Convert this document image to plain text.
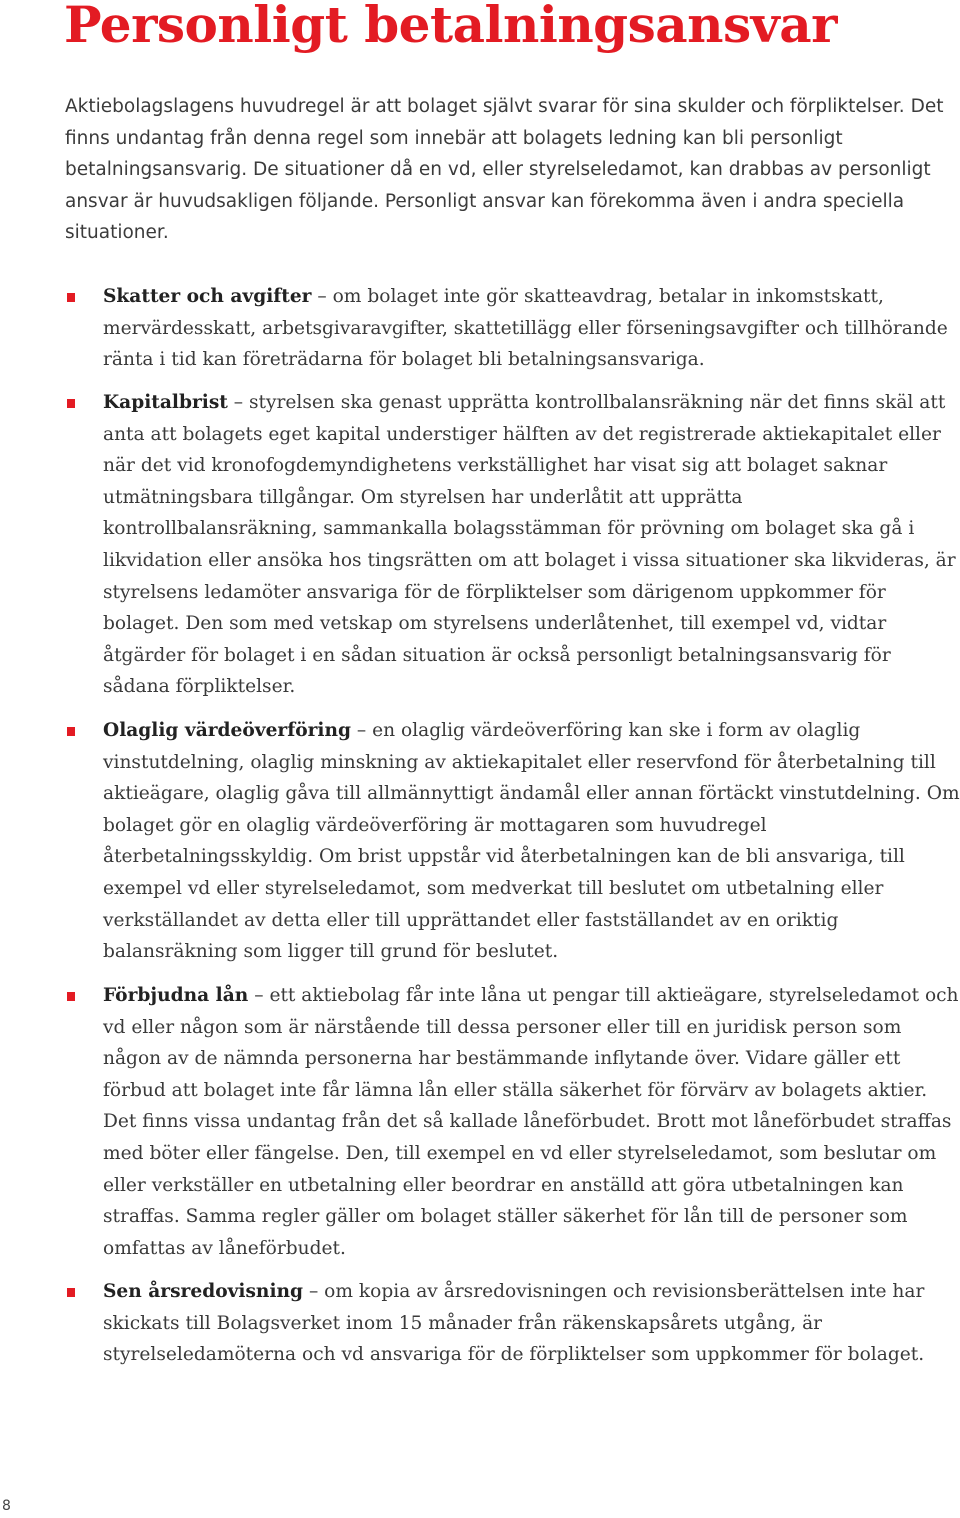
Personligt betalningsansvar

Aktiebolagslagens huvudregel är att bolaget självt svarar för sina skulder och förpliktelser. Det finns undantag från denna regel som innebär att bolagets ledning kan bli personligt betalningsansvarig. De situationer då en vd, eller styrelseledamot, kan drabbas av personligt ansvar är huvudsakligen följande. Personligt ansvar kan förekomma även i andra speciella situationer.

Skatter och avgifter – om bolaget inte gör skatteavdrag, betalar in inkomstskatt, mervärdesskatt, arbetsgivaravgifter, skattetillägg eller förseningsavgifter och tillhörande ränta i tid kan företrädarna för bolaget bli betalningsansvariga.

Kapitalbrist – styrelsen ska genast upprätta kontrollbalansräkning när det finns skäl att anta att bolagets eget kapital understiger hälften av det registrerade aktiekapitalet eller när det vid kronofogdemyndighetens verkställighet har visat sig att bolaget saknar utmätningsbara tillgångar. Om styrelsen har underlåtit att upprätta kontrollbalansräkning, sammankalla bolagsstämman för prövning om bolaget ska gå i likvidation eller ansöka hos tingsrätten om att bolaget i vissa situationer ska likvideras, är styrelsens ledamöter ansvariga för de förpliktelser som därigenom uppkommer för bolaget. Den som med vetskap om styrelsens underlåtenhet, till exempel vd, vidtar åtgärder för bolaget i en sådan situation är också personligt betalningsansvarig för sådana förpliktelser.

Olaglig värdeöverföring – en olaglig värdeöverföring kan ske i form av olaglig vinstutdelning, olaglig minskning av aktiekapitalet eller reservfond för återbetalning till aktieägare, olaglig gåva till allmännyttigt ändamål eller annan förtäckt vinstutdelning. Om bolaget gör en olaglig värdeöverföring är mottagaren som huvudregel återbetalningsskyldig. Om brist uppstår vid återbetalningen kan de bli ansvariga, till exempel vd eller styrelseledamot, som medverkat till beslutet om utbetalning eller verkställandet av detta eller till upprättandet eller fastställandet av en oriktig balansräkning som ligger till grund för beslutet.

Förbjudna lån – ett aktiebolag får inte låna ut pengar till aktieägare, styrelseledamot och vd eller någon som är närstående till dessa personer eller till en juridisk person som någon av de nämnda personerna har bestämmande inflytande över. Vidare gäller ett förbud att bolaget inte får lämna lån eller ställa säkerhet för förvärv av bolagets aktier. Det finns vissa undantag från det så kallade låneförbudet. Brott mot låneförbudet straffas med böter eller fängelse. Den, till exempel en vd eller styrelseledamot, som beslutar om eller verkställer en utbetalning eller beordrar en anställd att göra utbetalningen kan straffas. Samma regler gäller om bolaget ställer säkerhet för lån till de personer som omfattas av låneförbudet.

Sen årsredovisning – om kopia av årsredovisningen och revisionsberättelsen inte har skickats till Bolagsverket inom 15 månader från räkenskapsårets utgång, är styrelseledamöterna och vd ansvariga för de förpliktelser som uppkommer för bolaget.

8
